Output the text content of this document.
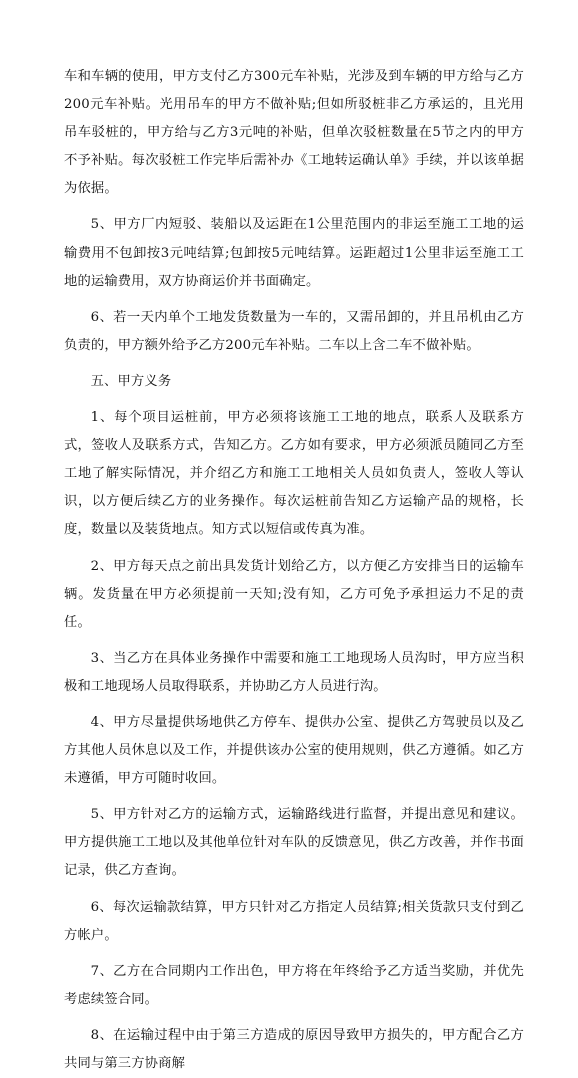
车和车辆的使用，甲方支付乙方300元车补贴，光涉及到车辆的甲方给与乙方200元车补贴。光用吊车的甲方不做补贴;但如所驳桩非乙方承运的，且光用吊车驳桩的，甲方给与乙方3元吨的补贴，但单次驳桩数量在5节之内的甲方不予补贴。每次驳桩工作完毕后需补办《工地转运确认单》手续，并以该单据为依据。

5、甲方厂内短驳、装船以及运距在1公里范围内的非运至施工工地的运输费用不包卸按3元吨结算;包卸按5元吨结算。运距超过1公里非运至施工工地的运输费用，双方协商运价并书面确定。

6、若一天内单个工地发货数量为一车的，又需吊卸的，并且吊机由乙方负责的，甲方额外给予乙方200元车补贴。二车以上含二车不做补贴。

五、甲方义务

1、每个项目运桩前，甲方必须将该施工工地的地点，联系人及联系方式，签收人及联系方式，告知乙方。乙方如有要求，甲方必须派员随同乙方至工地了解实际情况，并介绍乙方和施工工地相关人员如负责人，签收人等认识，以方便后续乙方的业务操作。每次运桩前告知乙方运输产品的规格，长度，数量以及装货地点。知方式以短信或传真为准。

2、甲方每天点之前出具发货计划给乙方，以方便乙方安排当日的运输车辆。发货量在甲方必须提前一天知;没有知，乙方可免予承担运力不足的责任。

3、当乙方在具体业务操作中需要和施工工地现场人员沟时，甲方应当积极和工地现场人员取得联系，并协助乙方人员进行沟。

4、甲方尽量提供场地供乙方停车、提供办公室、提供乙方驾驶员以及乙方其他人员休息以及工作，并提供该办公室的使用规则，供乙方遵循。如乙方未遵循，甲方可随时收回。

5、甲方针对乙方的运输方式，运输路线进行监督，并提出意见和建议。甲方提供施工工地以及其他单位针对车队的反馈意见，供乙方改善，并作书面记录，供乙方查询。

6、每次运输款结算，甲方只针对乙方指定人员结算;相关货款只支付到乙方帐户。

7、乙方在合同期内工作出色，甲方将在年终给予乙方适当奖励，并优先考虑续签合同。

8、在运输过程中由于第三方造成的原因导致甲方损失的，甲方配合乙方共同与第三方协商解
